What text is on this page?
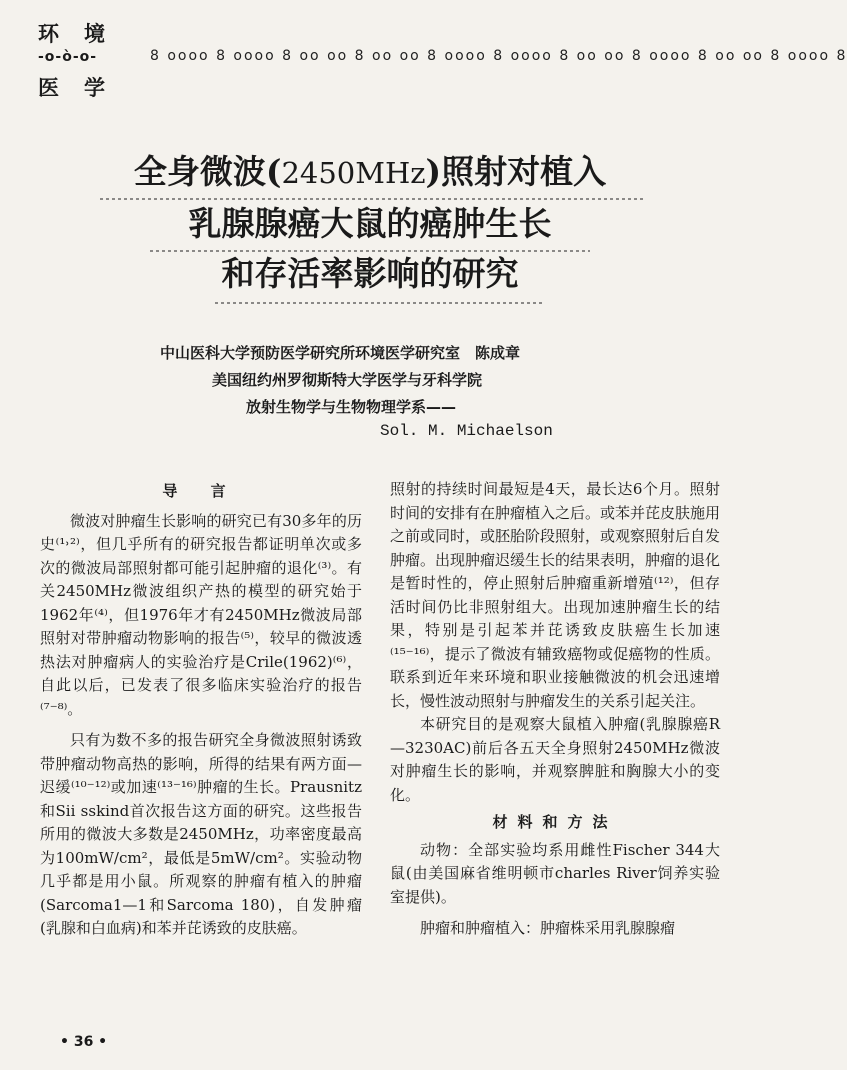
环 境
-o-ò-o-
医 学
8 oooo 8 oooo 8 oo oo 8 oo oo 8 oooo 8 oooo 8 oo oo 8 oooo 8 oo oo 8 oooo 8
全身微波(2450MHz)照射对植入
乳腺腺癌大鼠的癌肿生长
和存活率影响的研究
中山医科大学预防医学研究所环境医学研究室　陈成章
美国纽约州罗彻斯特大学医学与牙科学院
放射生物学与生物物理学系——
Sol. M. Michaelson

导 言

微波对肿瘤生长影响的研究已有30多年的历史⁽¹˒²⁾，但几乎所有的研究报告都证明单次或多次的微波局部照射都可能引起肿瘤的退化⁽³⁾。有关2450MHz微波组织产热的模型的研究始于1962年⁽⁴⁾，但1976年才有2450MHz微波局部照射对带肿瘤动物影响的报告⁽⁵⁾，较早的微波透热法对肿瘤病人的实验治疗是Crile(1962)⁽⁶⁾，自此以后，已发表了很多临床实验治疗的报告⁽⁷⁻⁸⁾。

只有为数不多的报告研究全身微波照射诱致带肿瘤动物高热的影响，所得的结果有两方面—迟缓⁽¹⁰⁻¹²⁾或加速⁽¹³⁻¹⁶⁾肿瘤的生长。Prausnitz和Sii sskind首次报告这方面的研究。这些报告所用的微波大多数是2450MHz，功率密度最高为100mW/cm²，最低是5mW/cm²。实验动物几乎都是用小鼠。所观察的肿瘤有植入的肿瘤(Sarcoma1—1和Sarcoma 180)，自发肿瘤(乳腺和白血病)和苯并芘诱致的皮肤癌。

照射的持续时间最短是4天，最长达6个月。照射时间的安排有在肿瘤植入之后。或苯并芘皮肤施用之前或同时，或胚胎阶段照射，或观察照射后自发肿瘤。出现肿瘤迟缓生长的结果表明，肿瘤的退化是暂时性的，停止照射后肿瘤重新增殖⁽¹²⁾，但存活时间仍比非照射组大。出现加速肿瘤生长的结果，特别是引起苯并芘诱致皮肤癌生长加速⁽¹⁵⁻¹⁶⁾，提示了微波有辅致癌物或促癌物的性质。联系到近年来环境和职业接触微波的机会迅速增长，慢性波动照射与肿瘤发生的关系引起关注。

本研究目的是观察大鼠植入肿瘤(乳腺腺癌R—3230AC)前后各五天全身照射2450MHz微波对肿瘤生长的影响，并观察脾脏和胸腺大小的变化。

材料和方法

动物：全部实验均系用雌性Fischer 344大鼠(由美国麻省维明顿市charles River饲养实验室提供)。

肿瘤和肿瘤植入：肿瘤株采用乳腺腺瘤

• 36 •
